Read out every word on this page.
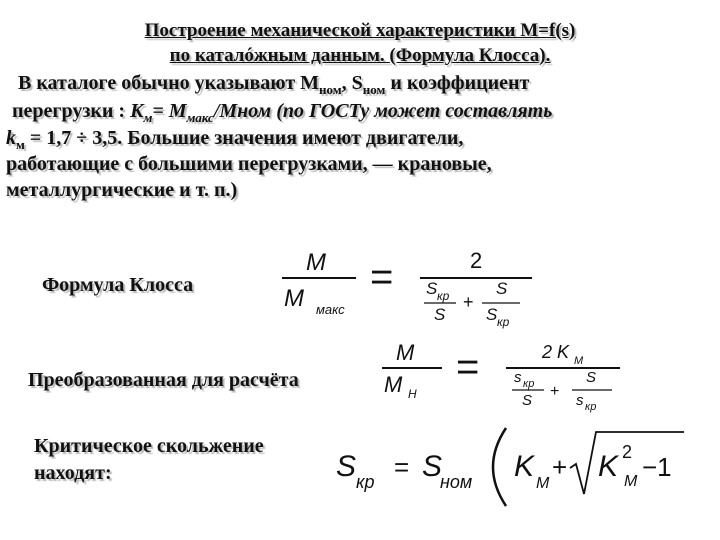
Построение механической характеристики M=f(s)
по каталóжным данным. (Формула Клосса).
В каталоге обычно указывают $M_{ном}$, $S_{ном}$ и коэффициент
перегрузки : $K_м=$ $M_{макс}$/Mном (по ГОСТу может составлять
$k_м = 1,7 \div 3,5$. Большие значения имеют двигатели,
работающие с большими перегрузками, — крановые,
металлургические и т. п.)
Формула Клосса
Преобразованная для расчёта
Критическое скольжение
находят:
M
M макс
=	2
S кр
S
+
S
S кр
M
M H
=	2 K M
s кр
S
+
S
s кр
S кр = S
ном K
M
+ K 2
M −1
